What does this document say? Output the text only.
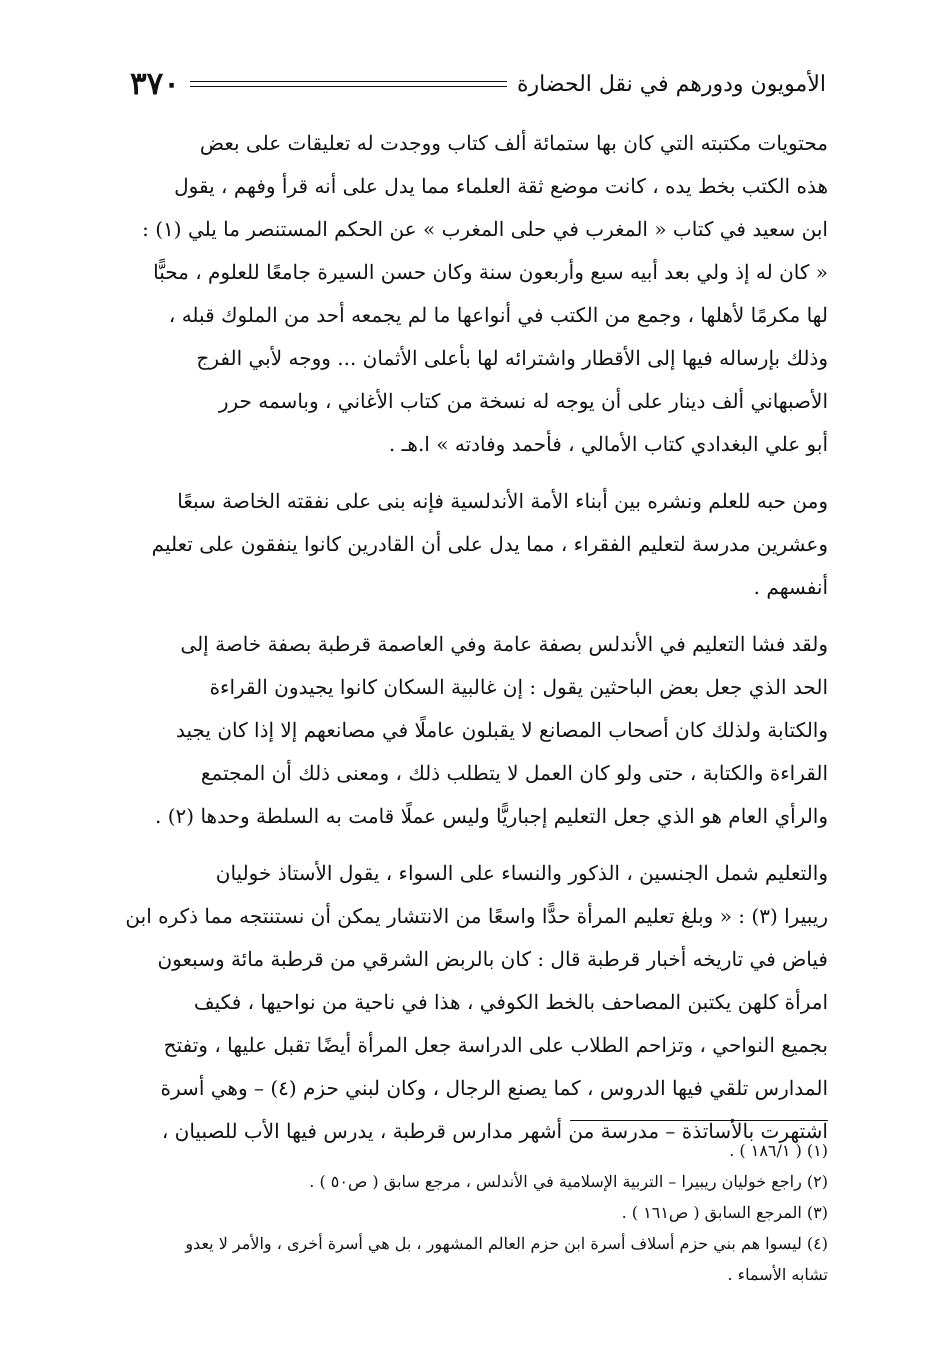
٣٧٠	الأمويون ودورهم في نقل الحضارة
محتويات مكتبته التي كان بها ستمائة ألف كتاب ووجدت له تعليقات على بعض
هذه الكتب بخط يده ، كانت موضع ثقة العلماء مما يدل على أنه قرأ وفهم ، يقول
ابن سعيد في كتاب « المغرب في حلى المغرب » عن الحكم المستنصر ما يلي (١) :
« كان له إذ ولي بعد أبيه سبع وأربعون سنة وكان حسن السيرة جامعًا للعلوم ، محبًّا
لها مكرمًا لأهلها ، وجمع من الكتب في أنواعها ما لم يجمعه أحد من الملوك قبله ،
وذلك بإرساله فيها إلى الأقطار واشترائه لها بأعلى الأثمان ... ووجه لأبي الفرج
الأصبهاني ألف دينار على أن يوجه له نسخة من كتاب الأغاني ، وباسمه حرر
أبو علي البغدادي كتاب الأمالي ، فأحمد وفادته » ا.هـ .
ومن حبه للعلم ونشره بين أبناء الأمة الأندلسية فإنه بنى على نفقته الخاصة سبعًا
وعشرين مدرسة لتعليم الفقراء ، مما يدل على أن القادرين كانوا ينفقون على تعليم
أنفسهم .
ولقد فشا التعليم في الأندلس بصفة عامة وفي العاصمة قرطبة بصفة خاصة إلى
الحد الذي جعل بعض الباحثين يقول : إن غالبية السكان كانوا يجيدون القراءة
والكتابة ولذلك كان أصحاب المصانع لا يقبلون عاملًا في مصانعهم إلا إذا كان يجيد
القراءة والكتابة ، حتى ولو كان العمل لا يتطلب ذلك ، ومعنى ذلك أن المجتمع
والرأي العام هو الذي جعل التعليم إجباريًّا وليس عملًا قامت به السلطة وحدها (٢) .
والتعليم شمل الجنسين ، الذكور والنساء على السواء ، يقول الأستاذ خوليان
ريبيرا (٣) : « وبلغ تعليم المرأة حدًّا واسعًا من الانتشار يمكن أن نستنتجه مما ذكره ابن
فياض في تاريخه أخبار قرطبة قال : كان بالربض الشرقي من قرطبة مائة وسبعون
امرأة كلهن يكتبن المصاحف بالخط الكوفي ، هذا في ناحية من نواحيها ، فكيف
بجميع النواحي ، وتزاحم الطلاب على الدراسة جعل المرأة أيضًا تقبل عليها ، وتفتح
المدارس تلقي فيها الدروس ، كما يصنع الرجال ، وكان لبني حزم (٤) – وهي أسرة
اشتهرت بالأساتذة – مدرسة من أشهر مدارس قرطبة ، يدرس فيها الأب للصبيان ،
(١) ( ١٨٦/١ ) .
(٢) راجع خوليان ريبيرا – التربية الإسلامية في الأندلس ، مرجع سابق ( ص٥٠ ) .
(٣) المرجع السابق ( ص١٦١ ) .
(٤) ليسوا هم بني حزم أسلاف أسرة ابن حزم العالم المشهور ، بل هي أسرة أخرى ، والأمر لا يعدو
تشابه الأسماء .
